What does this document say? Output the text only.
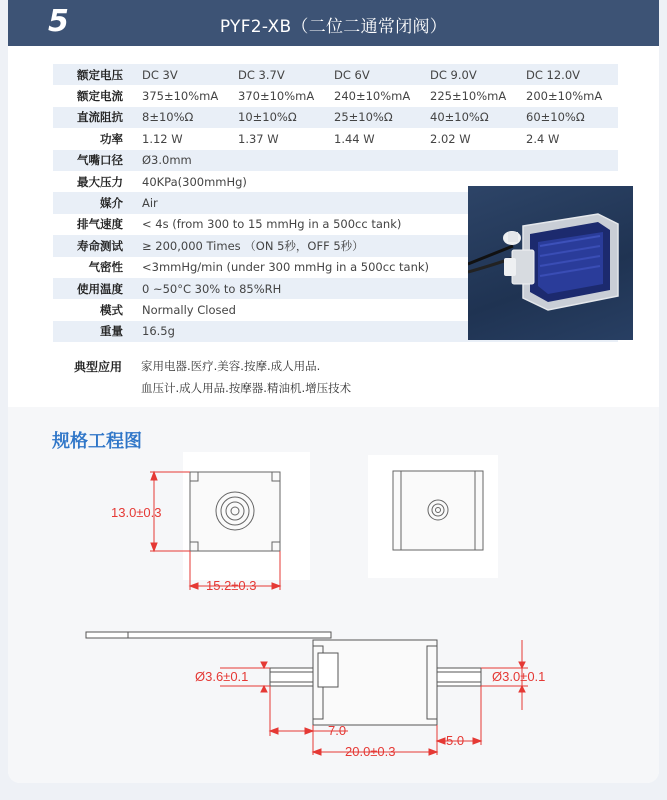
5	PYF2-XB（二位二通常闭阀）
额定电压	DC 3V	DC 3.7V	DC 6V	DC 9.0V	DC 12.0V
额定电流	375±10%mA	370±10%mA	240±10%mA	225±10%mA	200±10%mA
直流阻抗	8±10%Ω	10±10%Ω	25±10%Ω	40±10%Ω	60±10%Ω
功率	1.12 W	1.37 W	1.44 W	2.02 W	2.4 W
气嘴口径	Ø3.0mm				
最大压力	40KPa(300mmHg)				
媒介	Air				
排气速度	< 4s (from 300 to 15 mmHg in a 500cc tank)				
寿命测试	≥ 200,000 Times （ON 5秒，OFF 5秒）				
气密性	<3mmHg/min (under 300 mmHg in a 500cc tank)				
使用温度	0 ~50°C 30% to 85%RH				
模式	Normally Closed				
重量	16.5g				
典型应用 家用电器.医疗.美容.按摩.成人用品.
血压计.成人用品.按摩器.精油机.增压技术
规格工程图
13.0±0.3
15.2±0.3
Ø3.6±0.1	Ø3.0±0.1
7.0
20.0±0.3
5.0
